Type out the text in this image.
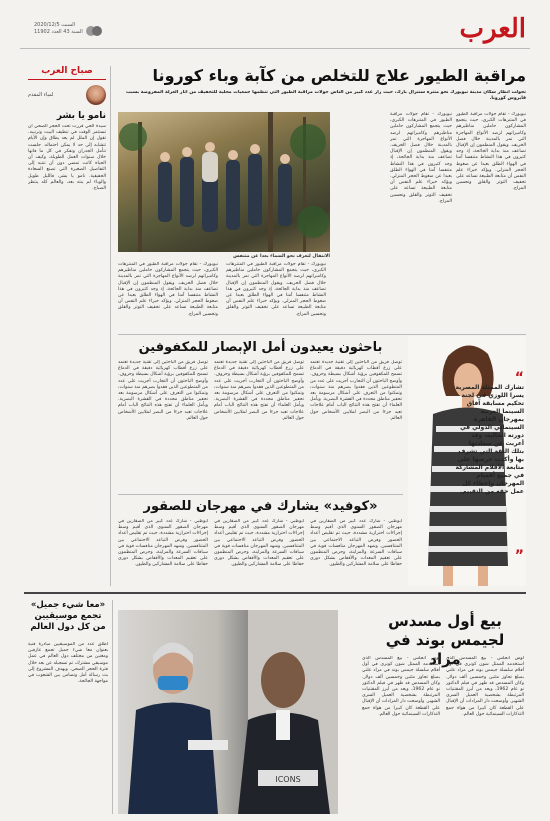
العرب
السبت 2020/12/5
السنة 43 العدد 11902
صباح العرب
لمياء المقدم
نامو يا بشر
سيدة الحي قررت تحت الحجر الصحي أن تستثمر الوقت في تنظيف البيت وترتيبه. تقول إن الملل لم يعد يطاق وإن الأيام تتشابه إلى حد لا يمكن احتماله. جلست تتأمل الجدران وتفكر في كل ما فاتها خلال سنوات العمل الطويلة، وكيف أن الحياة كانت تمضي دون أن تنتبه إلى التفاصيل الصغيرة التي تصنع السعادة الحقيقية. نامو يا بشر، فالليل طويل والوباء لم ينته بعد، والعالم كله ينتظر الصباح.
مراقبة الطيور علاج للتخلص من كآبة وباء كورونا
تحولت انظار سكان مدينة نيويورك نحو متنزه سنترال بارك، حيث زار عدد كبير من الناس جولات مراقبة الطيور التي تنظمها جمعيات محلية للتخفيف من آثار العزلة المفروضة بسبب فايروس كورونا.
نيويورك - تقام جولات مراقبة الطيور في المتنزهات الكبرى، حيث يتجمع المشاركون حاملين مناظيرهم وكاميراتهم لرصد الأنواع المهاجرة التي تمر بالمدينة خلال فصل الخريف. ويقول المنظمون إن الإقبال تضاعف منذ بداية الجائحة، إذ وجد كثيرون في هذا النشاط متنفسا آمنا في الهواء الطلق بعيدا عن ضغوط الحجر المنزلي. ويؤكد خبراء علم النفس أن متابعة الطبيعة تساعد على تخفيف التوتر والقلق وتحسين المزاج.
نيويورك - تقام جولات مراقبة الطيور في المتنزهات الكبرى، حيث يتجمع المشاركون حاملين مناظيرهم وكاميراتهم لرصد الأنواع المهاجرة التي تمر بالمدينة خلال فصل الخريف. ويقول المنظمون إن الإقبال تضاعف منذ بداية الجائحة، إذ وجد كثيرون في هذا النشاط متنفسا آمنا في الهواء الطلق بعيدا عن ضغوط الحجر المنزلي. ويؤكد خبراء علم النفس أن متابعة الطبيعة تساعد على تخفيف التوتر والقلق وتحسين المزاج.
الانتقال لتعرف نحو السماء بعدا عن متنفس
نيويورك - تقام جولات مراقبة الطيور في المتنزهات الكبرى، حيث يتجمع المشاركون حاملين مناظيرهم وكاميراتهم لرصد الأنواع المهاجرة التي تمر بالمدينة خلال فصل الخريف. ويقول المنظمون إن الإقبال تضاعف منذ بداية الجائحة، إذ وجد كثيرون في هذا النشاط متنفسا آمنا في الهواء الطلق بعيدا عن ضغوط الحجر المنزلي. ويؤكد خبراء علم النفس أن متابعة الطبيعة تساعد على تخفيف التوتر والقلق وتحسين المزاج.
نيويورك - تقام جولات مراقبة الطيور في المتنزهات الكبرى، حيث يتجمع المشاركون حاملين مناظيرهم وكاميراتهم لرصد الأنواع المهاجرة التي تمر بالمدينة خلال فصل الخريف. ويقول المنظمون إن الإقبال تضاعف منذ بداية الجائحة، إذ وجد كثيرون في هذا النشاط متنفسا آمنا في الهواء الطلق بعيدا عن ضغوط الحجر المنزلي. ويؤكد خبراء علم النفس أن متابعة الطبيعة تساعد على تخفيف التوتر والقلق وتحسين المزاج.
باحثون يعيدون أمل الإبصار للمكفوفين
توصل فريق من الباحثين إلى تقنية جديدة تعتمد على زرع أقطاب كهربائية دقيقة في الدماغ تسمح للمكفوفين برؤية أشكال بسيطة وحروف. وأوضح الباحثون أن التجارب أجريت على عدد من المتطوعين الذين فقدوا بصرهم منذ سنوات، وتمكنوا من التعرف على أشكال مرسومة بعد تحفيز مناطق محددة في القشرة البصرية. ويأمل العلماء أن تفتح هذه النتائج الباب أمام علاجات تعيد جزءا من البصر لملايين الأشخاص حول العالم.
توصل فريق من الباحثين إلى تقنية جديدة تعتمد على زرع أقطاب كهربائية دقيقة في الدماغ تسمح للمكفوفين برؤية أشكال بسيطة وحروف. وأوضح الباحثون أن التجارب أجريت على عدد من المتطوعين الذين فقدوا بصرهم منذ سنوات، وتمكنوا من التعرف على أشكال مرسومة بعد تحفيز مناطق محددة في القشرة البصرية. ويأمل العلماء أن تفتح هذه النتائج الباب أمام علاجات تعيد جزءا من البصر لملايين الأشخاص حول العالم.
توصل فريق من الباحثين إلى تقنية جديدة تعتمد على زرع أقطاب كهربائية دقيقة في الدماغ تسمح للمكفوفين برؤية أشكال بسيطة وحروف. وأوضح الباحثون أن التجارب أجريت على عدد من المتطوعين الذين فقدوا بصرهم منذ سنوات، وتمكنوا من التعرف على أشكال مرسومة بعد تحفيز مناطق محددة في القشرة البصرية. ويأمل العلماء أن تفتح هذه النتائج الباب أمام علاجات تعيد جزءا من البصر لملايين الأشخاص حول العالم.
“
تشارك الممثلة المصرية يسرا اللوزي في لجنة تحكيم مسابقة آفاق السينما العربية بمهرجان القاهرة السينمائي الدولي في دورته الحالية، وقد أعربت عن سعادتها بتلك الثقة التي تشرف بها وأكدت حرصها على متابعة الأفلام المشاركة في جميع أقسام المهرجان وإعطاء كل عمل حقه من التقييم.
”
«كوفيد» يشارك في مهرجان للصقور
أبوظبي - شارك عدد كبير من الصقارين في مهرجان الصقور السنوي الذي أقيم وسط إجراءات احترازية مشددة، حيث تم تقليص أعداد الحضور وفرض التباعد الاجتماعي بين المتنافسين. وشهد المهرجان منافسات قوية في سباقات السرعة والمزاينة، وحرص المنظمون على تعقيم المعدات والأقفاص بشكل دوري حفاظا على سلامة المشاركين والطيور.
أبوظبي - شارك عدد كبير من الصقارين في مهرجان الصقور السنوي الذي أقيم وسط إجراءات احترازية مشددة، حيث تم تقليص أعداد الحضور وفرض التباعد الاجتماعي بين المتنافسين. وشهد المهرجان منافسات قوية في سباقات السرعة والمزاينة، وحرص المنظمون على تعقيم المعدات والأقفاص بشكل دوري حفاظا على سلامة المشاركين والطيور.
أبوظبي - شارك عدد كبير من الصقارين في مهرجان الصقور السنوي الذي أقيم وسط إجراءات احترازية مشددة، حيث تم تقليص أعداد الحضور وفرض التباعد الاجتماعي بين المتنافسين. وشهد المهرجان منافسات قوية في سباقات السرعة والمزاينة، وحرص المنظمون على تعقيم المعدات والأقفاص بشكل دوري حفاظا على سلامة المشاركين والطيور.
«معا شيء جميل» تجمع موسيقيين من كل دول العالم
أطلق عدد من الموسيقيين مبادرة فنية بعنوان معا شيء جميل تجمع عازفين ومغنين من مختلف دول العالم في عمل موسيقي مشترك، تم تسجيله عن بعد خلال فترة الحجر الصحي. ويهدف المشروع إلى بث رسالة أمل وتضامن بين الشعوب في مواجهة الجائحة.
بيع أول مسدس لجيمس بوند في مزاد
لوس أنجلس - بيع المسدس الذي استخدمه الممثل شون كونري في أول أفلام سلسلة جيمس بوند في مزاد علني بمبلغ تجاوز مئتين وخمسين ألف دولار. وكان المسدس قد ظهر في فيلم الدكتور نو عام 1962، ويعد من أبرز المقتنيات المرتبطة بشخصية العميل السري الشهير. وأوضحت دار المزادات أن الإقبال على القطعة كان كبيرا من هواة جمع التذكارات السينمائية حول العالم.
لوس أنجلس - بيع المسدس الذي استخدمه الممثل شون كونري في أول أفلام سلسلة جيمس بوند في مزاد علني بمبلغ تجاوز مئتين وخمسين ألف دولار. وكان المسدس قد ظهر في فيلم الدكتور نو عام 1962، ويعد من أبرز المقتنيات المرتبطة بشخصية العميل السري الشهير. وأوضحت دار المزادات أن الإقبال على القطعة كان كبيرا من هواة جمع التذكارات السينمائية حول العالم.
ICONS
